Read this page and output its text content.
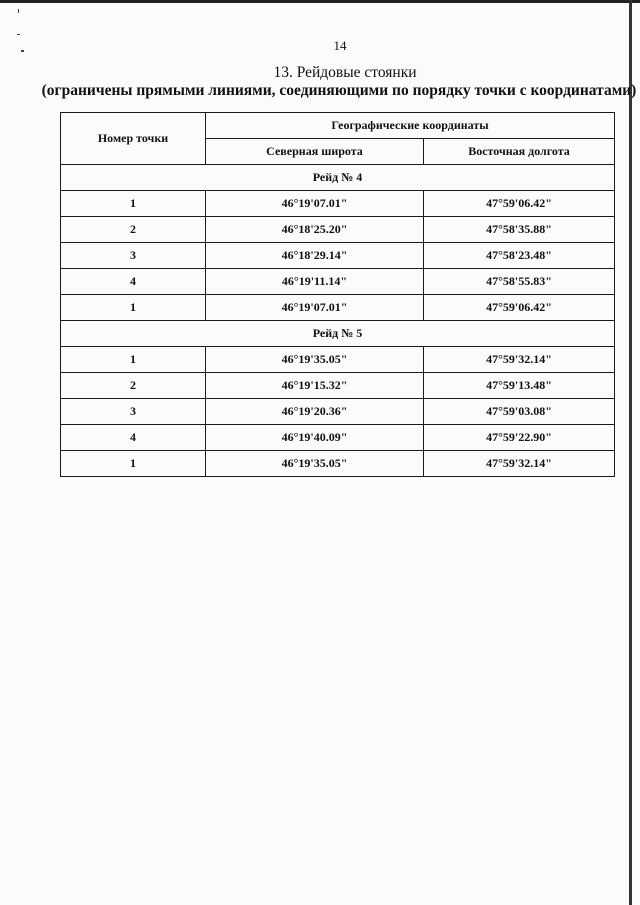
14
13. Рейдовые стоянки
(ограничены прямыми линиями, соединяющими по порядку точки с координатами)
Номер точки	Географические координаты	
	Северная широта	Восточная долгота
Рейд № 4		
1	46°19'07.01"	47°59'06.42"
2	46°18'25.20"	47°58'35.88"
3	46°18'29.14"	47°58'23.48"
4	46°19'11.14"	47°58'55.83"
1	46°19'07.01"	47°59'06.42"
Рейд № 5		
1	46°19'35.05"	47°59'32.14"
2	46°19'15.32"	47°59'13.48"
3	46°19'20.36"	47°59'03.08"
4	46°19'40.09"	47°59'22.90"
1	46°19'35.05"	47°59'32.14"
